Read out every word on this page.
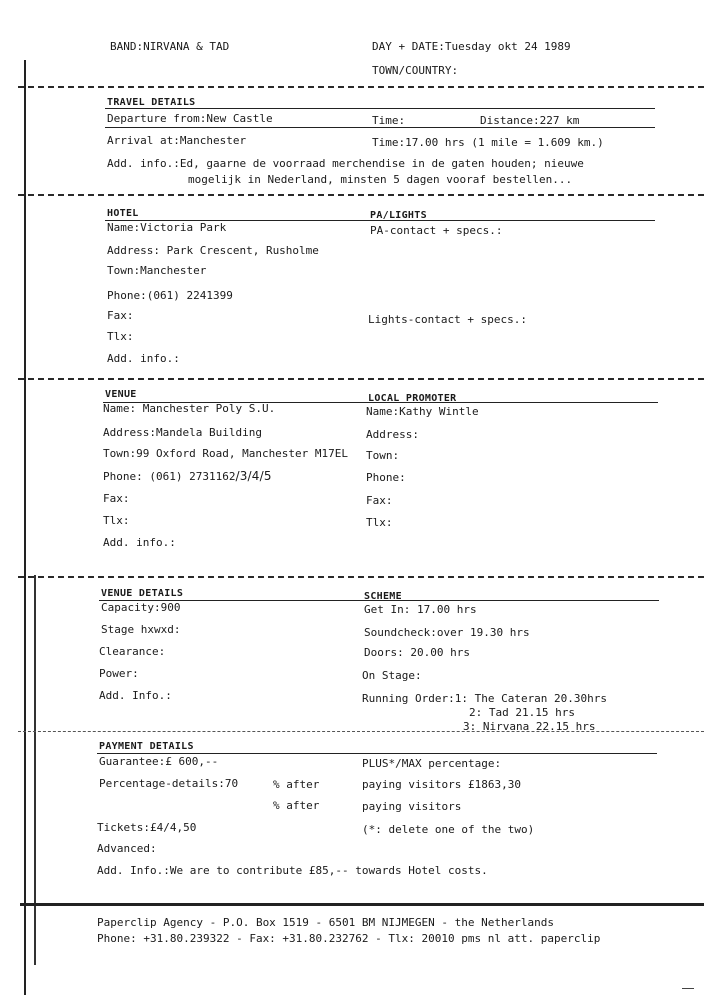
BAND:NIRVANA & TAD	DAY + DATE:Tuesday okt 24 1989
TOWN/COUNTRY:
TRAVEL DETAILS
Departure from:New Castle	Time:	Distance:227 km
Arrival at:Manchester	Time:17.00 hrs (1 mile = 1.609 km.)
Add. info.:Ed, gaarne de voorraad merchendise in de gaten houden; nieuwe
mogelijk in Nederland, minsten 5 dagen vooraf bestellen...
HOTEL	PA/LIGHTS
Name:Victoria Park	PA-contact + specs.:
Address: Park Crescent, Rusholme
Town:Manchester
Phone:(061) 2241399
Fax:	Lights-contact + specs.:
Tlx:
Add. info.:
VENUE	LOCAL PROMOTER
Name: Manchester Poly S.U.	Name:Kathy Wintle
Address:Mandela Building	Address:
Town:99 Oxford Road, Manchester M17EL Town:
Phone: (061) 2731162/3/4/5	Phone:
Fax:	Fax:
Tlx:	Tlx:
Add. info.:
VENUE DETAILS	SCHEME
Capacity:900	Get In: 17.00 hrs
Stage hxwxd:	Soundcheck:over 19.30 hrs
Clearance:	Doors: 20.00 hrs
Power:	On Stage:
Add. Info.:	Running Order:1: The Cateran 20.30hrs
2: Tad 21.15 hrs
3: Nirvana 22.15 hrs
PAYMENT DETAILS
Guarantee:£ 600,--	PLUS*/MAX percentage:
Percentage-details:70	% after	paying visitors £1863,30
% after	paying visitors
Tickets:£4/4,50	(*: delete one of the two)
Advanced:
Add. Info.:We are to contribute £85,-- towards Hotel costs.
Paperclip Agency - P.O. Box 1519 - 6501 BM NIJMEGEN - the Netherlands
Phone: +31.80.239322 - Fax: +31.80.232762 - Tlx: 20010 pms nl att. paperclip
